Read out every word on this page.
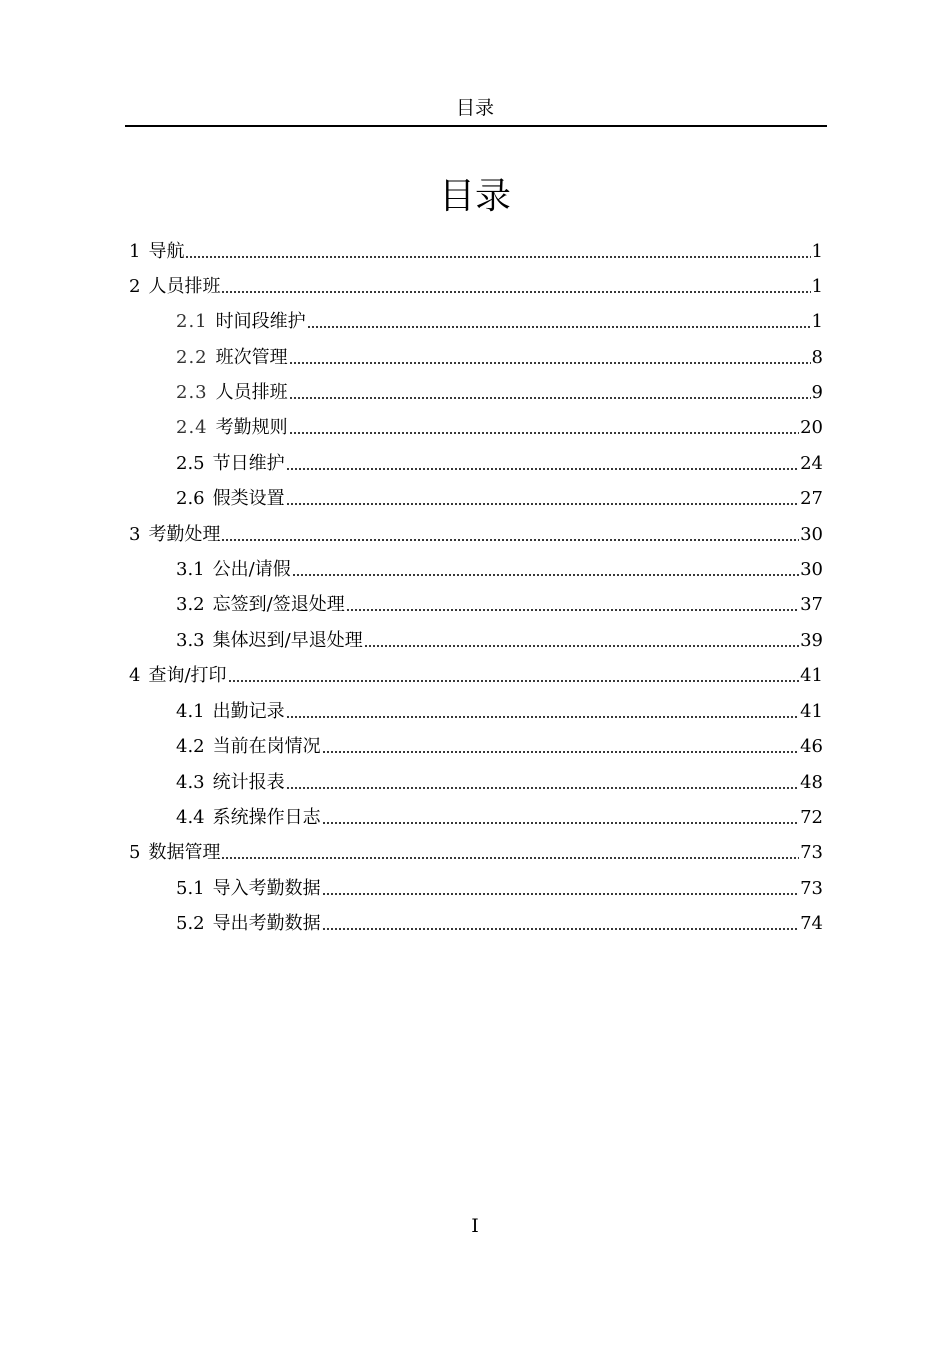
目录
目录
1 导航	1
2 人员排班	1
2.1 时间段维护	1
2.2 班次管理	8
2.3 人员排班	9
2.4 考勤规则	20
2.5 节日维护	24
2.6 假类设置	27
3 考勤处理	30
3.1 公出/请假	30
3.2 忘签到/签退处理	37
3.3 集体迟到/早退处理	39
4 查询/打印	41
4.1 出勤记录	41
4.2 当前在岗情况	46
4.3 统计报表	48
4.4 系统操作日志	72
5 数据管理	73
5.1 导入考勤数据	73
5.2 导出考勤数据	74
I
